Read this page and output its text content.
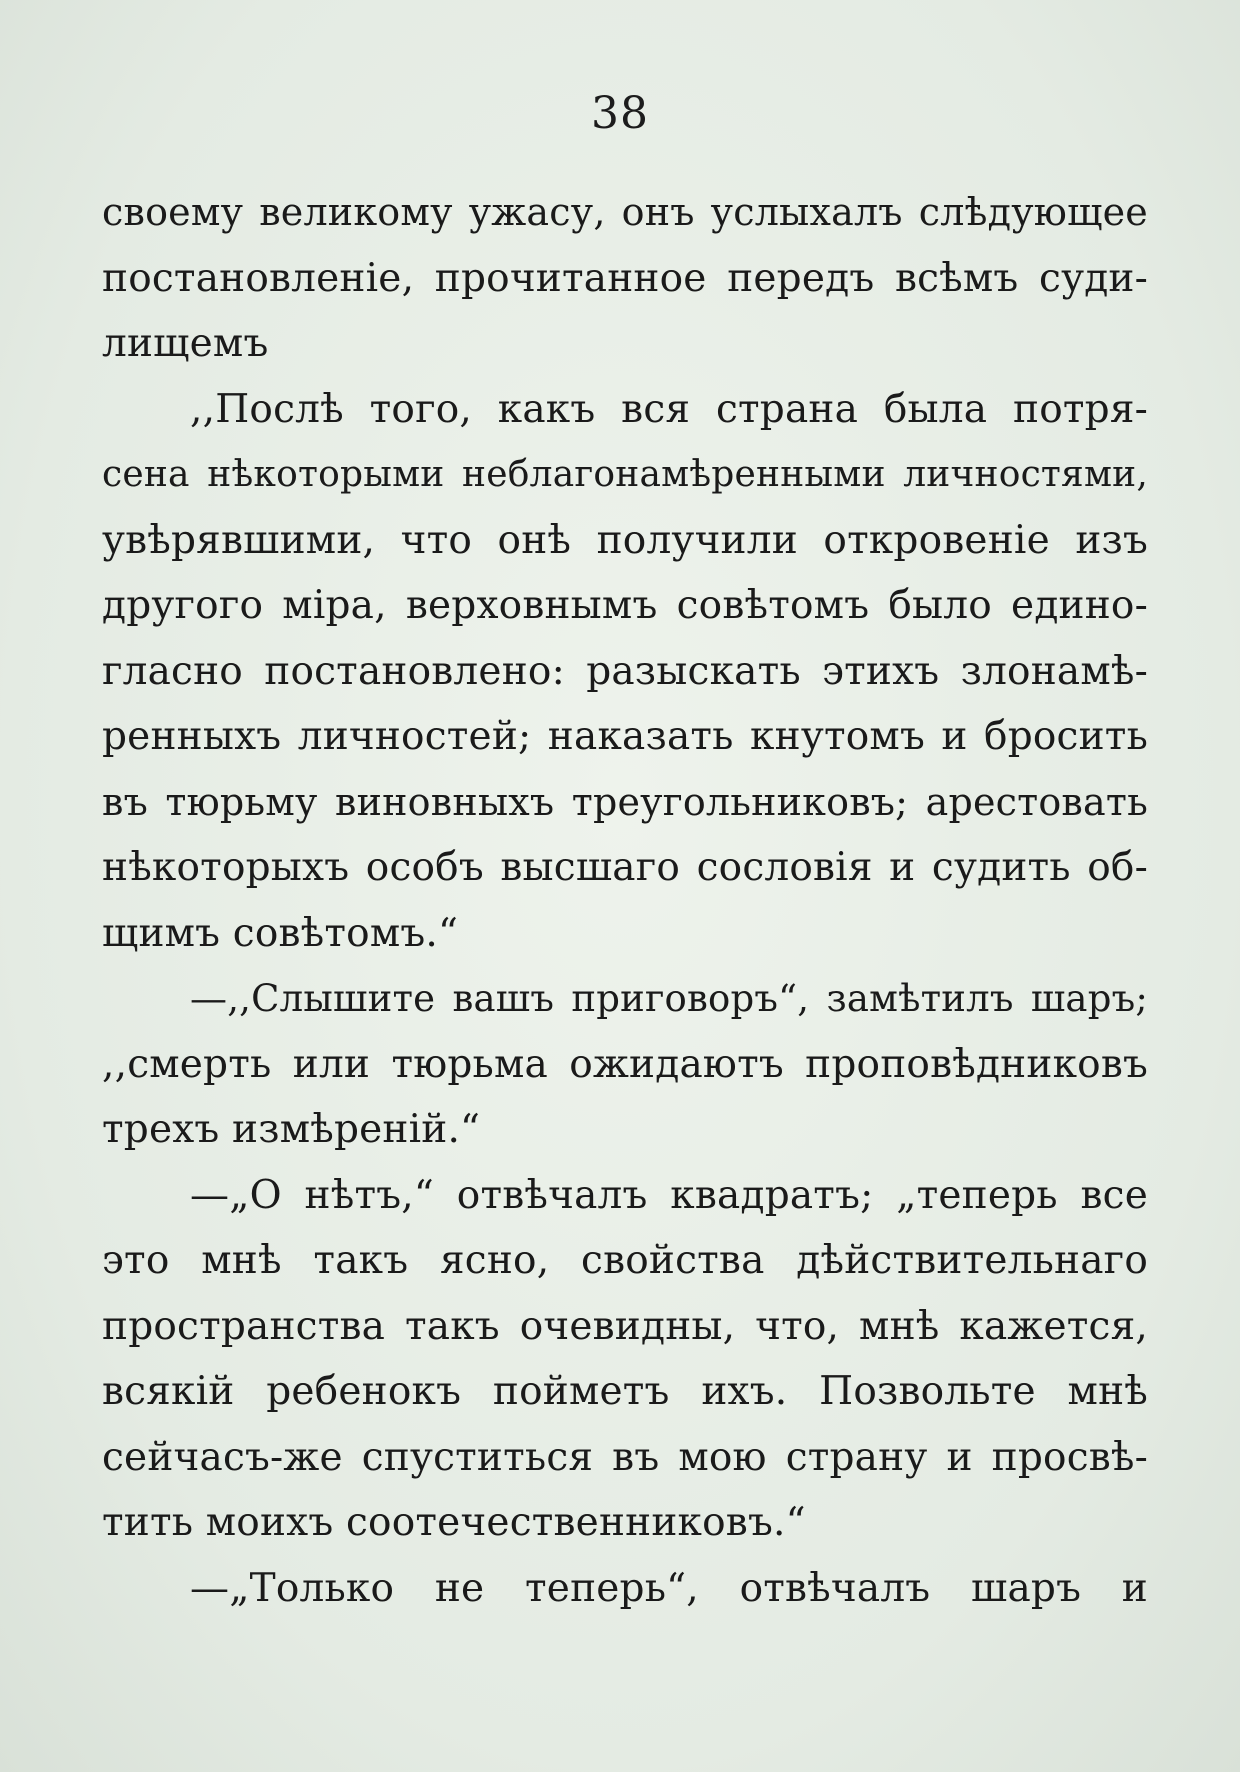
38
своему великому ужасу, онъ услыхалъ слѣдующее
постановленіе, прочитанное передъ всѣмъ суди-
лищемъ
,,Послѣ того, какъ вся страна была потря-
сена нѣкоторыми неблагонамѣренными личностями,
увѣрявшими, что онѣ получили откровеніе изъ
другого міра, верховнымъ совѣтомъ было едино-
гласно постановлено: разыскать этихъ злонамѣ-
ренныхъ личностей; наказать кнутомъ и бросить
въ тюрьму виновныхъ треугольниковъ; арестовать
нѣкоторыхъ особъ высшаго сословія и судить об-
щимъ совѣтомъ.“
—,,Слышите вашъ приговоръ“, замѣтилъ шаръ;
,,смерть или тюрьма ожидаютъ проповѣдниковъ
трехъ измѣреній.“
—„О нѣтъ,“ отвѣчалъ квадратъ; „теперь все
это мнѣ такъ ясно, свойства дѣйствительнаго
пространства такъ очевидны, что, мнѣ кажется,
всякій ребенокъ пойметъ ихъ. Позвольте мнѣ
сейчасъ-же спуститься въ мою страну и просвѣ-
тить моихъ соотечественниковъ.“
—„Только не теперь“, отвѣчалъ шаръ и
